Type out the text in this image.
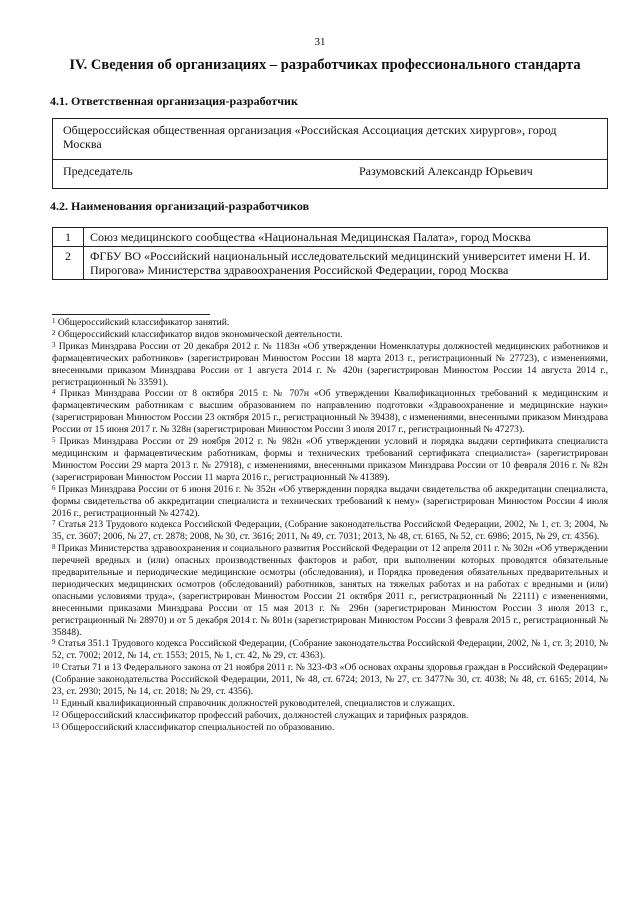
31
IV. Сведения об организациях – разработчиках профессионального стандарта
4.1. Ответственная организация-разработчик
Общероссийская общественная организация «Российская Ассоциация детских хирургов», город Москва

Председатель	Разумовский Александр Юрьевич
4.2. Наименования организаций-разработчиков
1	Союз медицинского сообщества «Национальная Медицинская Палата», город Москва
2	ФГБУ ВО «Российский национальный исследовательский медицинский университет имени Н. И. Пирогова» Министерства здравоохранения Российской Федерации, город Москва

$^1$ Общероссийский классификатор занятий.

$^2$ Общероссийский классификатор видов экономической деятельности.

$^3$ Приказ Минздрава России от 20 декабря 2012 г. № 1183н «Об утверждении Номенклатуры должностей медицинских работников и фармацевтических работников» (зарегистрирован Минюстом России 18 марта 2013 г., регистрационный № 27723), с изменениями, внесенными приказом Минздрава России от 1 августа 2014 г. № 420н (зарегистрирован Минюстом России 14 августа 2014 г., регистрационный № 33591).

$^4$ Приказ Минздрава России от 8 октября 2015 г. № 707н «Об утверждении Квалификационных требований к медицинским и фармацевтическим работникам с высшим образованием по направлению подготовки «Здравоохранение и медицинские науки» (зарегистрирован Минюстом России 23 октября 2015 г., регистрационный № 39438), с изменениями, внесенными приказом Минздрава России от 15 июня 2017 г. № 328н (зарегистрирован Минюстом России 3 июля 2017 г., регистрационный № 47273).

$^5$ Приказ Минздрава России от 29 ноября 2012 г. № 982н «Об утверждении условий и порядка выдачи сертификата специалиста медицинским и фармацевтическим работникам, формы и технических требований сертификата специалиста» (зарегистрирован Минюстом России 29 марта 2013 г. № 27918), с изменениями, внесенными приказом Минздрава России от 10 февраля 2016 г. № 82н (зарегистрирован Минюстом России 11 марта 2016 г., регистрационный № 41389).

$^6$ Приказ Минздрава России от 6 июня 2016 г. № 352н «Об утверждении порядка выдачи свидетельства об аккредитации специалиста, формы свидетельства об аккредитации специалиста и технических требований к нему» (зарегистрирован Минюстом России 4 июля 2016 г., регистрационный № 42742).

$^7$ Статья 213 Трудового кодекса Российской Федерации, (Собрание законодательства Российской Федерации, 2002, № 1, ст. 3; 2004, № 35, ст. 3607; 2006, № 27, ст. 2878; 2008, № 30, ст. 3616; 2011, № 49, ст. 7031; 2013, № 48, ст. 6165, № 52, ст. 6986; 2015, № 29, ст. 4356).

$^8$ Приказ Министерства здравоохранения и социального развития Российской Федерации от 12 апреля 2011 г. № 302н «Об утверждении перечней вредных и (или) опасных производственных факторов и работ, при выполнении которых проводятся обязательные предварительные и периодические медицинские осмотры (обследования), и Порядка проведения обязательных предварительных и периодических медицинских осмотров (обследований) работников, занятых на тяжелых работах и на работах с вредными и (или) опасными условиями труда», (зарегистрирован Минюстом России 21 октября 2011 г., регистрационный № 22111) с изменениями, внесенными приказами Минздрава России от 15 мая 2013 г. № 296н (зарегистрирован Минюстом России 3 июля 2013 г., регистрационный № 28970) и от 5 декабря 2014 г. № 801н (зарегистрирован Минюстом России 3 февраля 2015 г., регистрационный № 35848).

$^9$ Статья 351.1 Трудового кодекса Российской Федерации, (Собрание законодательства Российской Федерации, 2002, № 1, ст. 3; 2010, № 52, ст. 7002; 2012, № 14, ст. 1553; 2015, № 1, ст. 42, № 29, ст. 4363).

$^{10}$ Статьи 71 и 13 Федерального закона от 21 ноября 2011 г. № 323-ФЗ «Об основах охраны здоровья граждан в Российской Федерации» (Собрание законодательства Российской Федерации, 2011, № 48, ст. 6724; 2013, № 27, ст. 3477№ 30, ст. 4038; № 48, ст. 6165; 2014, № 23, ст. 2930; 2015, № 14, ст. 2018; № 29, ст. 4356).

$^{11}$ Единый квалификационный справочник должностей руководителей, специалистов и служащих.

$^{12}$ Общероссийский классификатор профессий рабочих, должностей служащих и тарифных разрядов.

$^{13}$ Общероссийский классификатор специальностей по образованию.
